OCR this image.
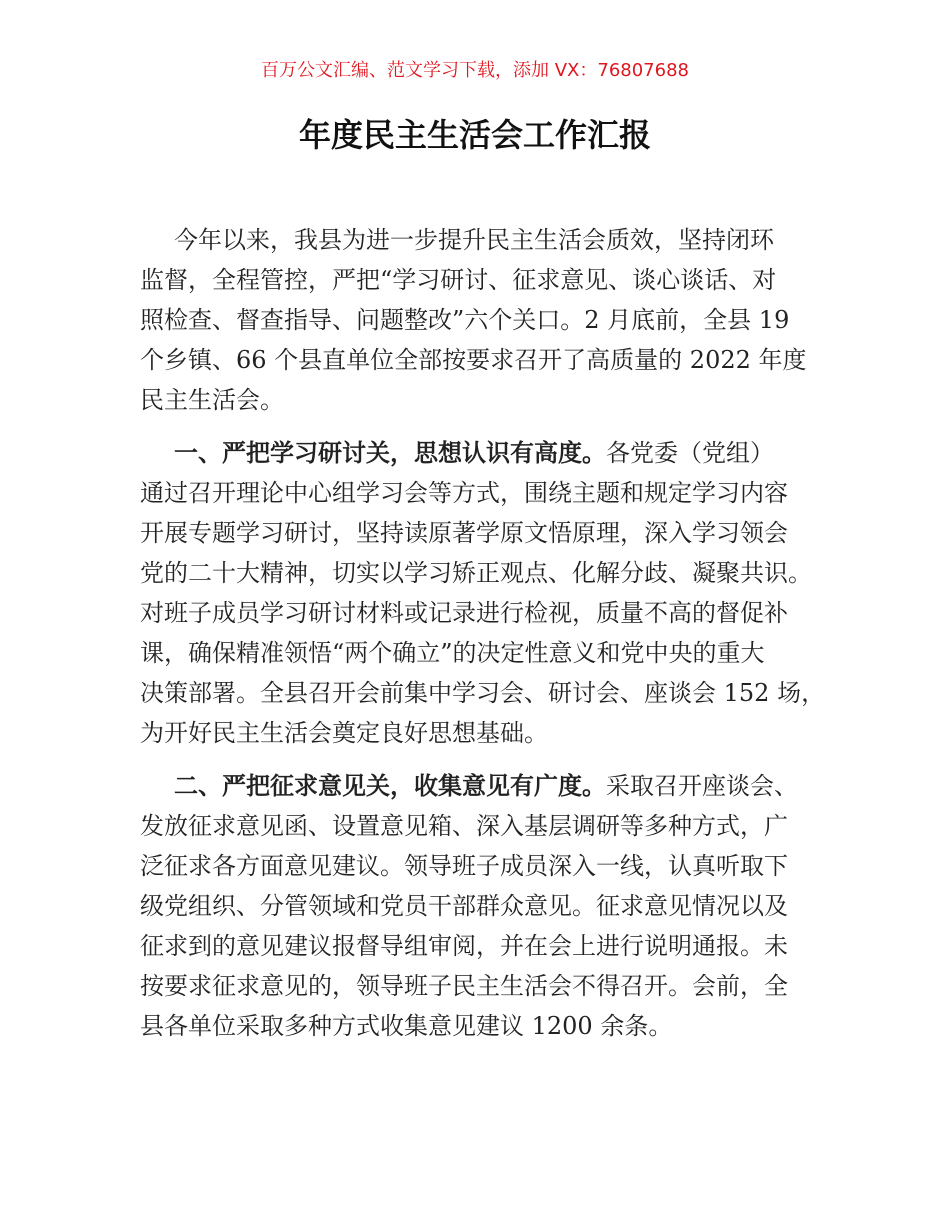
百万公文汇编、范文学习下载，添加 VX：76807688
年度民主生活会工作汇报
今年以来，我县为进一步提升民主生活会质效，坚持闭环
监督，全程管控，严把“学习研讨、征求意见、谈心谈话、对
照检查、督查指导、问题整改”六个关口。2 月底前，全县 19
个乡镇、66 个县直单位全部按要求召开了高质量的 2022 年度
民主生活会。
一、严把学习研讨关，思想认识有高度。各党委（党组）
通过召开理论中心组学习会等方式，围绕主题和规定学习内容
开展专题学习研讨，坚持读原著学原文悟原理，深入学习领会
党的二十大精神，切实以学习矫正观点、化解分歧、凝聚共识。
对班子成员学习研讨材料或记录进行检视，质量不高的督促补
课，确保精准领悟“两个确立”的决定性意义和党中央的重大
决策部署。全县召开会前集中学习会、研讨会、座谈会 152 场，
为开好民主生活会奠定良好思想基础。
二、严把征求意见关，收集意见有广度。采取召开座谈会、
发放征求意见函、设置意见箱、深入基层调研等多种方式，广
泛征求各方面意见建议。领导班子成员深入一线，认真听取下
级党组织、分管领域和党员干部群众意见。征求意见情况以及
征求到的意见建议报督导组审阅，并在会上进行说明通报。未
按要求征求意见的，领导班子民主生活会不得召开。会前，全
县各单位采取多种方式收集意见建议 1200 余条。
